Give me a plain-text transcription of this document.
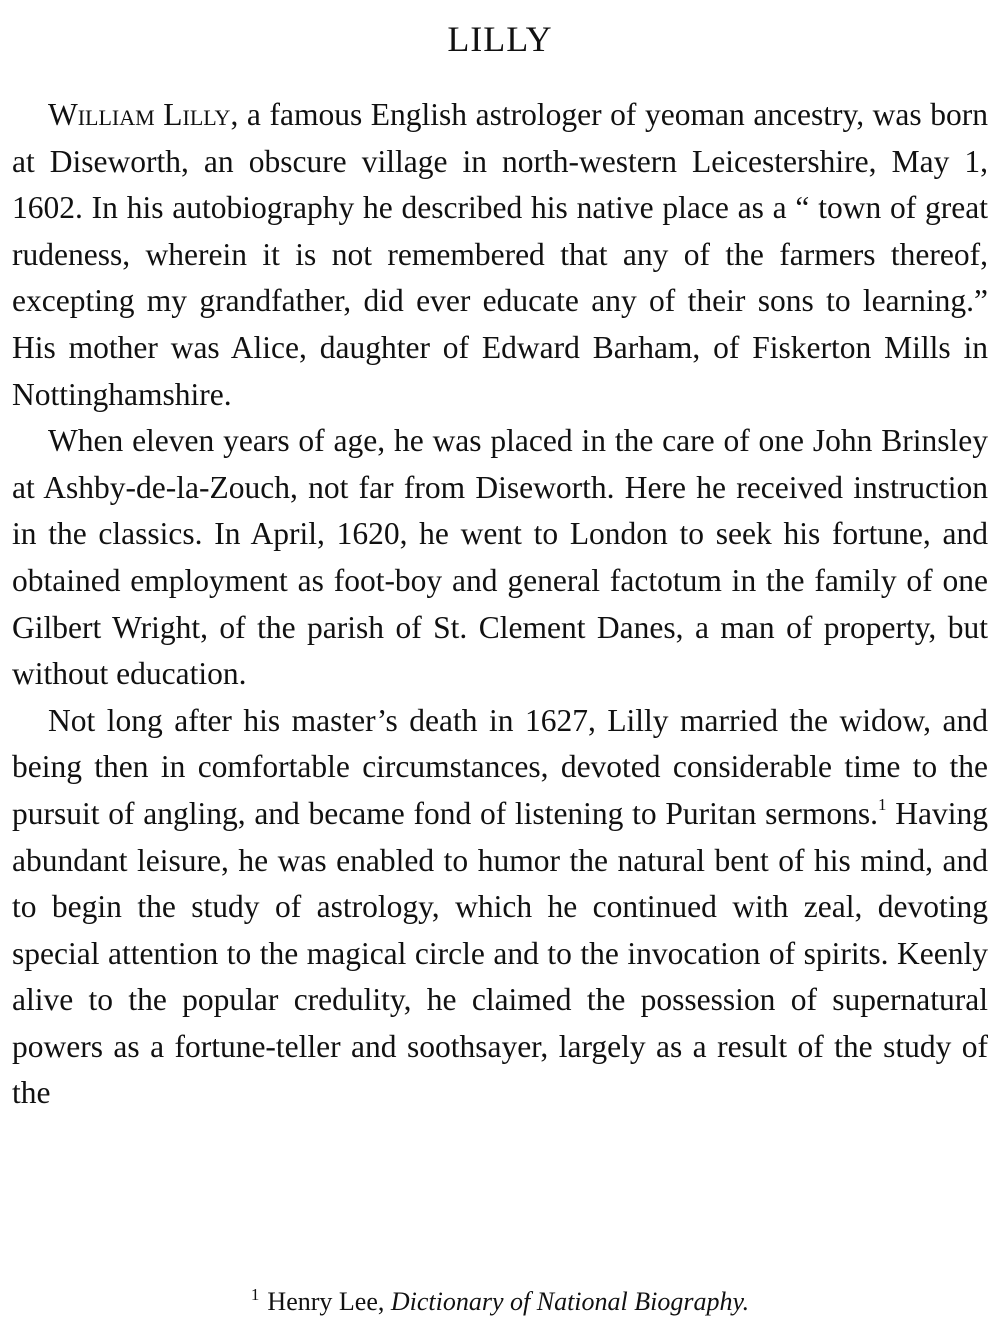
LILLY

William Lilly, a famous English astrologer of yeoman ancestry, was born at Diseworth, an obscure village in north-western Leicestershire, May 1, 1602. In his autobiography he described his native place as a “ town of great rudeness, wherein it is not remembered that any of the farmers thereof, excepting my grandfather, did ever educate any of their sons to learning.” His mother was Alice, daughter of Edward Barham, of Fiskerton Mills in Nottinghamshire.

When eleven years of age, he was placed in the care of one John Brinsley at Ashby-de-la-Zouch, not far from Diseworth. Here he received instruction in the classics. In April, 1620, he went to London to seek his fortune, and obtained employment as foot-boy and general factotum in the family of one Gilbert Wright, of the parish of St. Clement Danes, a man of property, but without education.

Not long after his master’s death in 1627, Lilly married the widow, and being then in comfortable circumstances, devoted considerable time to the pursuit of angling, and became fond of listening to Puritan sermons.$^1$ Having abundant leisure, he was enabled to humor the natural bent of his mind, and to begin the study of astrology, which he continued with zeal, devoting special attention to the magical circle and to the invocation of spirits. Keenly alive to the popular credulity, he claimed the possession of supernatural powers as a fortune-teller and soothsayer, largely as a result of the study of the

$^1$ Henry Lee, Dictionary of National Biography.
